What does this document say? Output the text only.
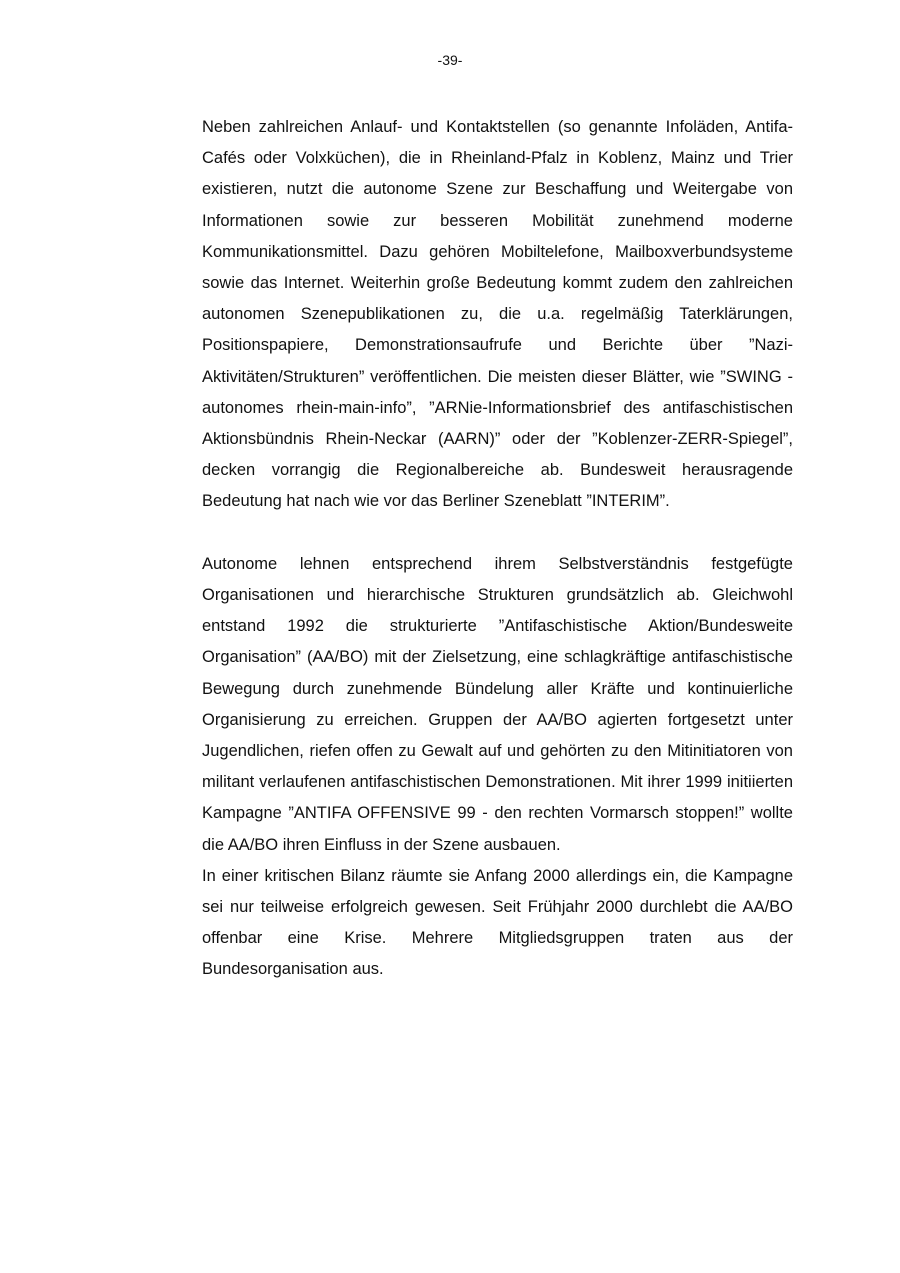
-39-

Neben zahlreichen Anlauf- und Kontaktstellen (so genannte Infoläden, Antifa-Cafés oder Volxküchen), die in Rheinland-Pfalz in Koblenz, Mainz und Trier existieren, nutzt die autonome Szene zur Beschaffung und Weitergabe von Informationen sowie zur besseren Mobilität zunehmend moderne Kommunikationsmittel. Dazu gehören Mobiltelefone, Mailboxverbundsysteme sowie das Internet. Weiterhin große Bedeutung kommt zudem den zahlreichen autonomen Szenepublikationen zu, die u.a. regelmäßig Taterklärungen, Positionspapiere, Demonstrationsaufrufe und Berichte über ”Nazi-Aktivitäten/Strukturen” veröffentlichen. Die meisten dieser Blätter, wie ”SWING - autonomes rhein-main-info”, ”ARNie-Informationsbrief des antifaschistischen Aktionsbündnis Rhein-Neckar (AARN)” oder der ”Koblenzer-ZERR-Spiegel”, decken vorrangig die Regionalbereiche ab. Bundesweit herausragende Bedeutung hat nach wie vor das Berliner Szeneblatt ”INTERIM”.

Autonome lehnen entsprechend ihrem Selbstverständnis festgefügte Organisationen und hierarchische Strukturen grundsätzlich ab. Gleichwohl entstand 1992 die strukturierte ”Antifaschistische Aktion/Bundesweite Organisation” (AA/BO) mit der Zielsetzung, eine schlagkräftige antifaschistische Bewegung durch zunehmende Bündelung aller Kräfte und kontinuierliche Organisierung zu erreichen. Gruppen der AA/BO agierten fortgesetzt unter Jugendlichen, riefen offen zu Gewalt auf und gehörten zu den Mitinitiatoren von militant verlaufenen antifaschistischen Demonstrationen. Mit ihrer 1999 initiierten Kampagne ”ANTIFA OFFENSIVE 99 - den rechten Vormarsch stoppen!” wollte die AA/BO ihren Einfluss in der Szene ausbauen.

In einer kritischen Bilanz räumte sie Anfang 2000 allerdings ein, die Kampagne sei nur teilweise erfolgreich gewesen. Seit Frühjahr 2000 durchlebt die AA/BO offenbar eine Krise. Mehrere Mitgliedsgruppen traten aus der Bundesorganisation aus.
